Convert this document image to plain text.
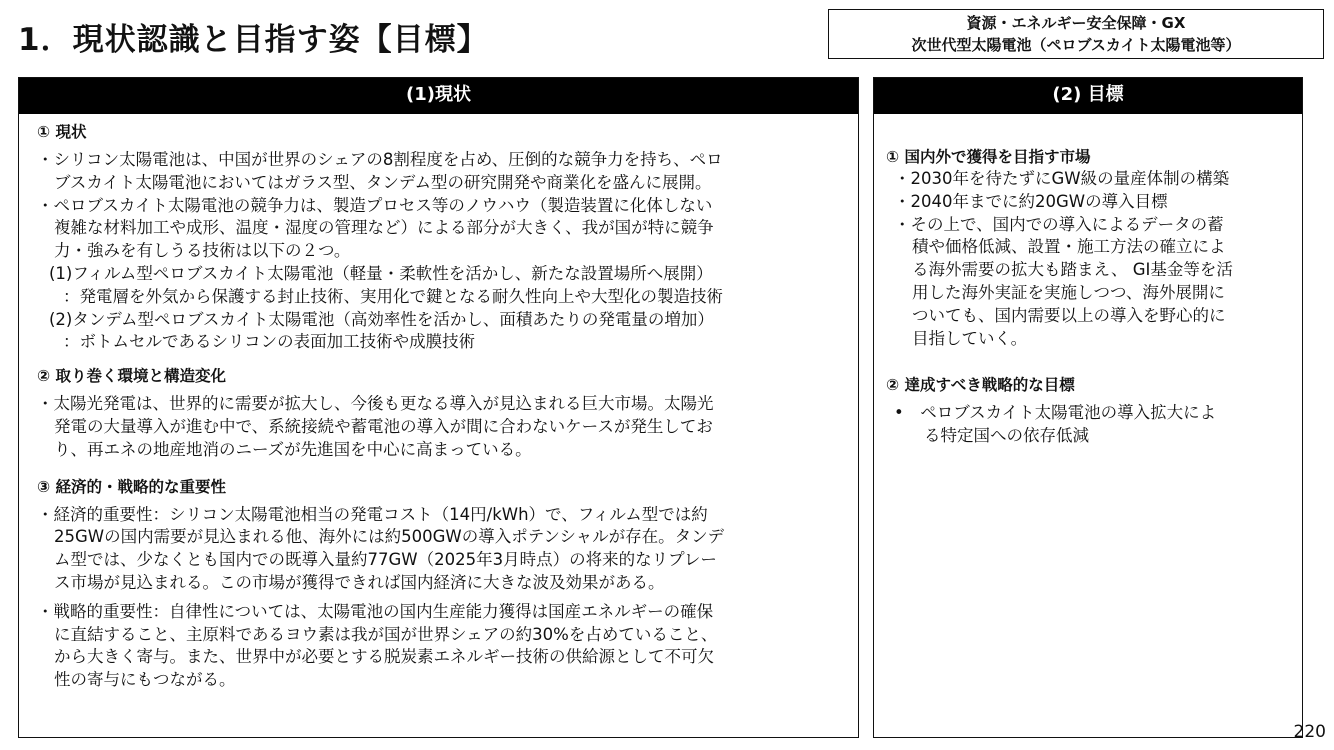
1．現状認識と目指す姿【目標】	資源・エネルギー安全保障・GX
次世代型太陽電池（ペロブスカイト太陽電池等）
(1)現状
① 現状
・シリコン太陽電池は、中国が世界のシェアの8割程度を占め、圧倒的な競争力を持ち、ペロ
ブスカイト太陽電池においてはガラス型、タンデム型の研究開発や商業化を盛んに展開。
・ペロブスカイト太陽電池の競争力は、製造プロセス等のノウハウ（製造装置に化体しない
複雑な材料加工や成形、温度・湿度の管理など）による部分が大きく、我が国が特に競争
力・強みを有しうる技術は以下の２つ。
(1)フィルム型ペロブスカイト太陽電池（軽量・柔軟性を活かし、新たな設置場所へ展開）
：発電層を外気から保護する封止技術、実用化で鍵となる耐久性向上や大型化の製造技術
(2)タンデム型ペロブスカイト太陽電池（高効率性を活かし、面積あたりの発電量の増加）
：ボトムセルであるシリコンの表面加工技術や成膜技術
② 取り巻く環境と構造変化
・太陽光発電は、世界的に需要が拡大し、今後も更なる導入が見込まれる巨大市場。太陽光
発電の大量導入が進む中で、系統接続や蓄電池の導入が間に合わないケースが発生してお
り、再エネの地産地消のニーズが先進国を中心に高まっている。
③ 経済的・戦略的な重要性
・経済的重要性：シリコン太陽電池相当の発電コスト（14円/kWh）で、フィルム型では約
25GWの国内需要が見込まれる他、海外には約500GWの導入ポテンシャルが存在。タンデ
ム型では、少なくとも国内での既導入量約77GW（2025年3月時点）の将来的なリプレー
ス市場が見込まれる。この市場が獲得できれば国内経済に大きな波及効果がある。
・戦略的重要性：自律性については、太陽電池の国内生産能力獲得は国産エネルギーの確保
に直結すること、主原料であるヨウ素は我が国が世界シェアの約30%を占めていること、
から大きく寄与。また、世界中が必要とする脱炭素エネルギー技術の供給源として不可欠
性の寄与にもつながる。
(2) 目標
① 国内外で獲得を目指す市場
・2030年を待たずにGW級の量産体制の構築
・2040年までに約20GWの導入目標
・その上で、国内での導入によるデータの蓄
積や価格低減、設置・施工方法の確立によ
る海外需要の拡大も踏まえ、 GI基金等を活
用した海外実証を実施しつつ、海外展開に
ついても、国内需要以上の導入を野心的に
目指していく。
② 達成すべき戦略的な目標
•　ペロブスカイト太陽電池の導入拡大によ
る特定国への依存低減
220
